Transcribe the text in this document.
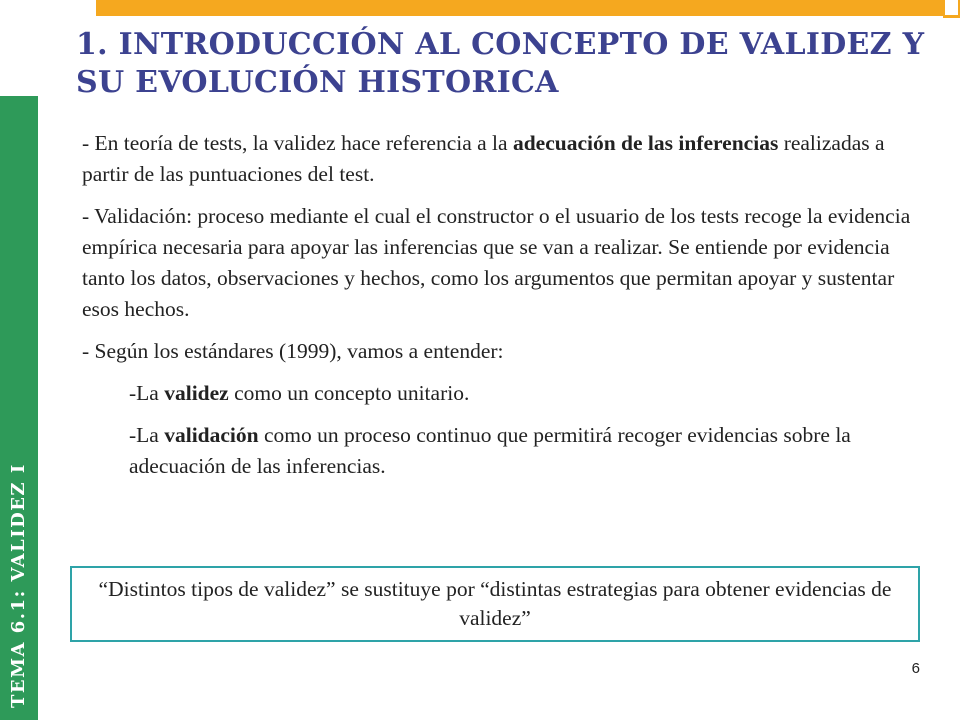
TEMA 6.1: VALIDEZ I
1. INTRODUCCIÓN AL CONCEPTO DE VALIDEZ Y SU EVOLUCIÓN HISTORICA

- En teoría de tests, la validez hace referencia a la adecuación de las inferencias realizadas a partir de las puntuaciones del test.

- Validación: proceso mediante el cual el constructor o el usuario de los tests recoge la evidencia empírica necesaria para apoyar las inferencias que se van a realizar. Se entiende por evidencia tanto los datos, observaciones y hechos, como los argumentos que permitan apoyar y sustentar esos hechos.

- Según los estándares (1999), vamos a entender:

-La validez como un concepto unitario.

-La validación como un proceso continuo que permitirá recoger evidencias sobre la adecuación de las inferencias.

“Distintos tipos de validez” se sustituye por “distintas estrategias para obtener evidencias de validez”
6
